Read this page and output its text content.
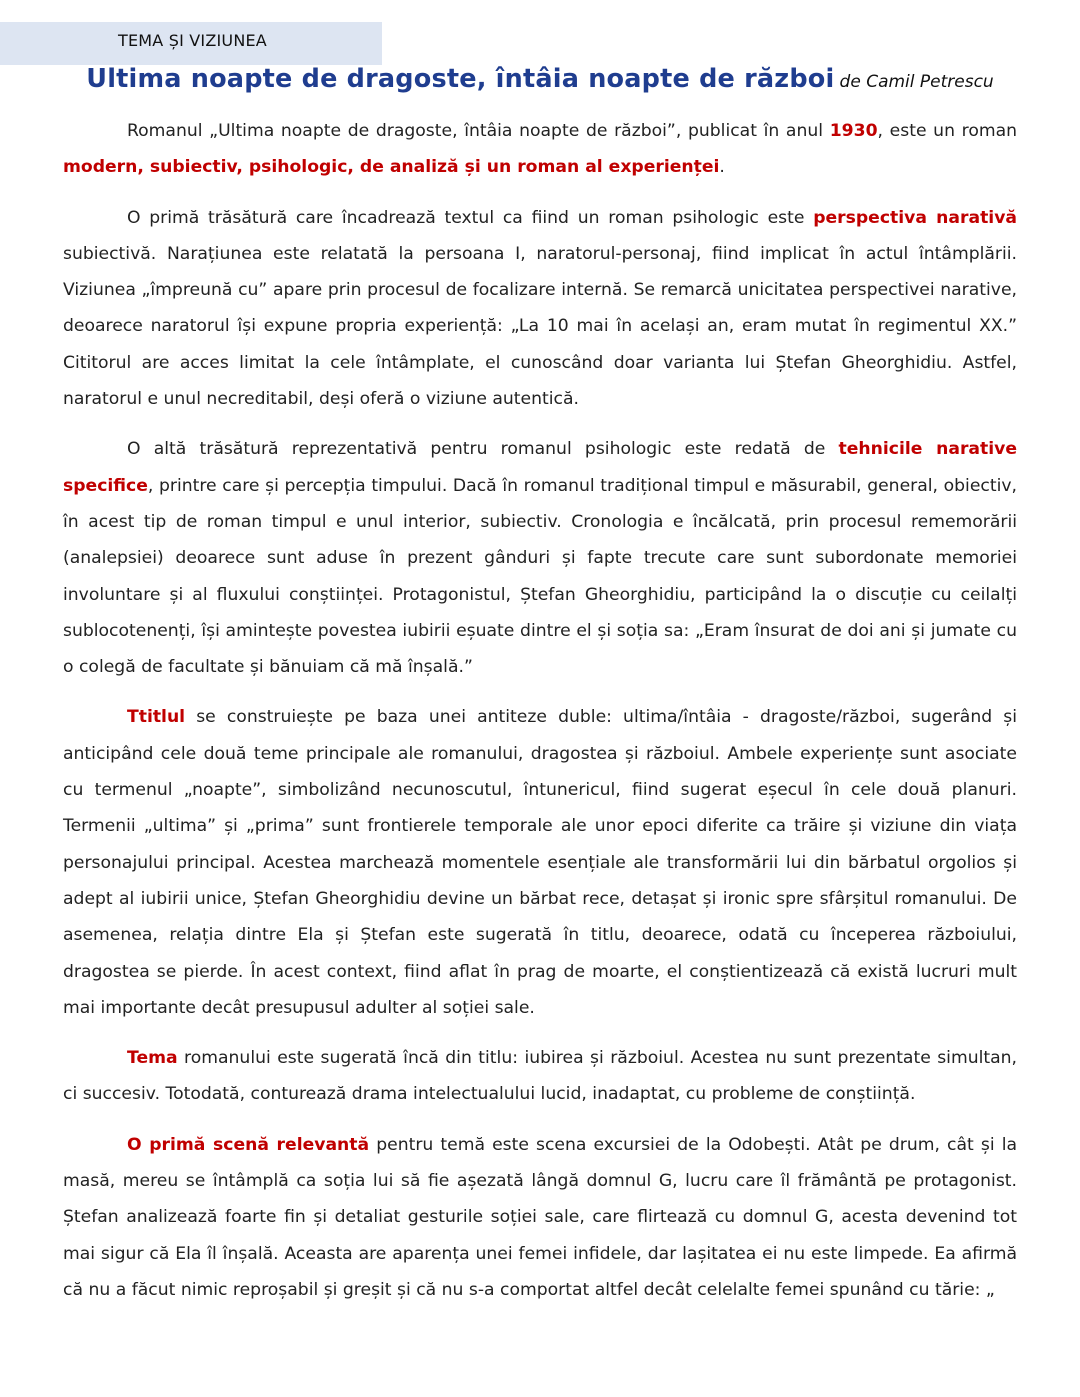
TEMA ȘI VIZIUNEA
Ultima noapte de dragoste, întâia noapte de război de Camil Petrescu

Romanul „Ultima noapte de dragoste, întâia noapte de război”, publicat în anul 1930, este un roman modern, subiectiv, psihologic, de analiză și un roman al experienței.

O primă trăsătură care încadrează textul ca fiind un roman psihologic este perspectiva narativă subiectivă. Narațiunea este relatată la persoana I, naratorul-personaj, fiind implicat în actul întâmplării. Viziunea „împreună cu” apare prin procesul de focalizare internă. Se remarcă unicitatea perspectivei narative, deoarece naratorul își expune propria experiență: „La 10 mai în același an, eram mutat în regimentul XX.” Cititorul are acces limitat la cele întâmplate, el cunoscând doar varianta lui Ștefan Gheorghidiu. Astfel, naratorul e unul necreditabil, deși oferă o viziune autentică.

O altă trăsătură reprezentativă pentru romanul psihologic este redată de tehnicile narative specifice, printre care și percepția timpului. Dacă în romanul tradițional timpul e măsurabil, general, obiectiv, în acest tip de roman timpul e unul interior, subiectiv. Cronologia e încălcată, prin procesul rememorării (analepsiei) deoarece sunt aduse în prezent gânduri și fapte trecute care sunt subordonate memoriei involuntare și al fluxului conștiinței. Protagonistul, Ștefan Gheorghidiu, participând la o discuție cu ceilalți sublocotenenți, își amintește povestea iubirii eșuate dintre el și soția sa: „Eram însurat de doi ani și jumate cu o colegă de facultate și bănuiam că mă înșală.”

Ttitlul se construiește pe baza unei antiteze duble: ultima/întâia - dragoste/război, sugerând și anticipând cele două teme principale ale romanului, dragostea și războiul. Ambele experiențe sunt asociate cu termenul „noapte”, simbolizând necunoscutul, întunericul, fiind sugerat eșecul în cele două planuri. Termenii „ultima” și „prima” sunt frontierele temporale ale unor epoci diferite ca trăire și viziune din viața personajului principal. Acestea marchează momentele esențiale ale transformării lui din bărbatul orgolios și adept al iubirii unice, Ștefan Gheorghidiu devine un bărbat rece, detașat și ironic spre sfârșitul romanului. De asemenea, relația dintre Ela și Ștefan este sugerată în titlu, deoarece, odată cu începerea războiului, dragostea se pierde. În acest context, fiind aflat în prag de moarte, el conștientizează că există lucruri mult mai importante decât presupusul adulter al soției sale.

Tema romanului este sugerată încă din titlu: iubirea și războiul. Acestea nu sunt prezentate simultan, ci succesiv. Totodată, conturează drama intelectualului lucid, inadaptat, cu probleme de conștiință.

O primă scenă relevantă pentru temă este scena excursiei de la Odobești. Atât pe drum, cât și la masă, mereu se întâmplă ca soția lui să fie așezată lângă domnul G, lucru care îl frământă pe protagonist. Ștefan analizează foarte fin și detaliat gesturile soției sale, care flirtează cu domnul G, acesta devenind tot mai sigur că Ela îl înșală. Aceasta are aparența unei femei infidele, dar lașitatea ei nu este limpede. Ea afirmă că nu a făcut nimic reproșabil și greșit și că nu s-a comportat altfel decât celelalte femei spunând cu tărie: „
